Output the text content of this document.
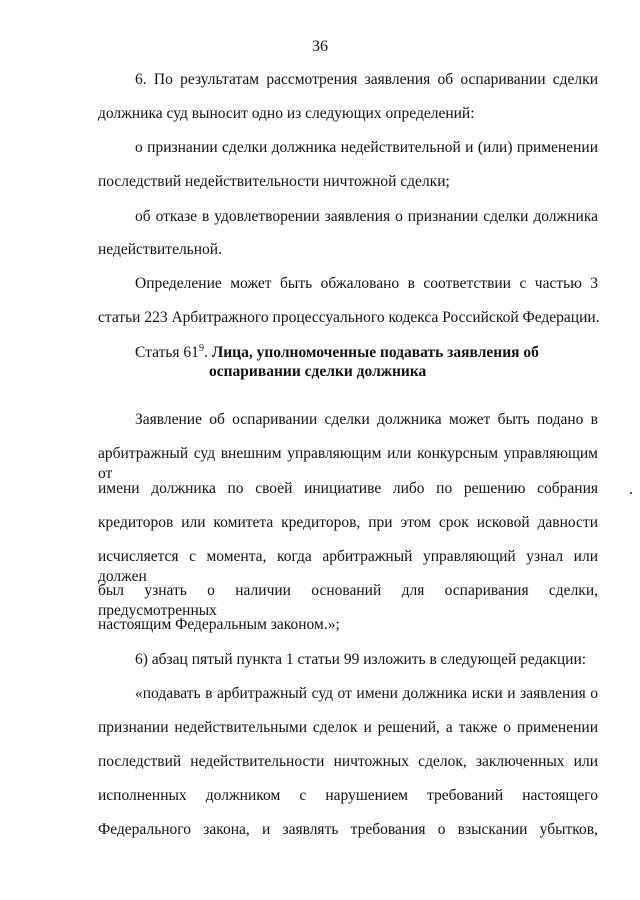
36
6. По результатам рассмотрения заявления об оспаривании сделки
должника суд выносит одно из следующих определений:
о признании сделки должника недействительной и (или) применении
последствий недействительности ничтожной сделки;
об отказе в удовлетворении заявления о признании сделки должника
недействительной.
Определение может быть обжаловано в соответствии с частью 3
статьи 223 Арбитражного процессуального кодекса Российской Федерации.
Статья $61^9$. Лица, уполномоченные подавать заявления об
оспаривании сделки должника
Заявление об оспаривании сделки должника может быть подано в
арбитражный суд внешним управляющим или конкурсным управляющим от
имени должника по своей инициативе либо по решению собрания
кредиторов или комитета кредиторов, при этом срок исковой давности
исчисляется с момента, когда арбитражный управляющий узнал или должен
был узнать о наличии оснований для оспаривания сделки, предусмотренных
настоящим Федеральным законом.»;
6) абзац пятый пункта 1 статьи 99 изложить в следующей редакции:
«подавать в арбитражный суд от имени должника иски и заявления о
признании недействительными сделок и решений, а также о применении
последствий недействительности ничтожных сделок, заключенных или
исполненных должником с нарушением требований настоящего
Федерального закона, и заявлять требования о взыскании убытков,
